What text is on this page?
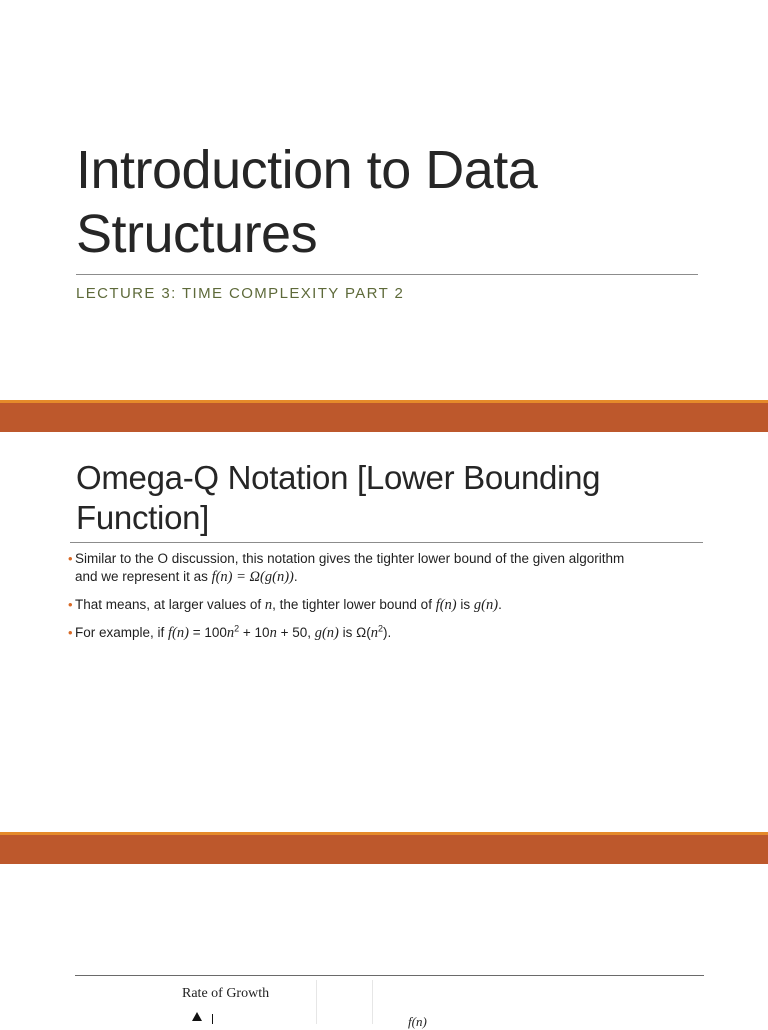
Introduction to Data Structures
LECTURE 3: TIME COMPLEXITY PART 2
Omega-Q Notation [Lower Bounding Function]
• Similar to the O discussion, this notation gives the tighter lower bound of the given algorithm
and we represent it as f(n) = Ω(g(n)).
• That means, at larger values of n, the tighter lower bound of f(n) is g(n).
• For example, if $f(n) = 100n^2 + 10n + 50$, g(n) is $\Omega(n^2)$.
Rate of Growth
f(n)
